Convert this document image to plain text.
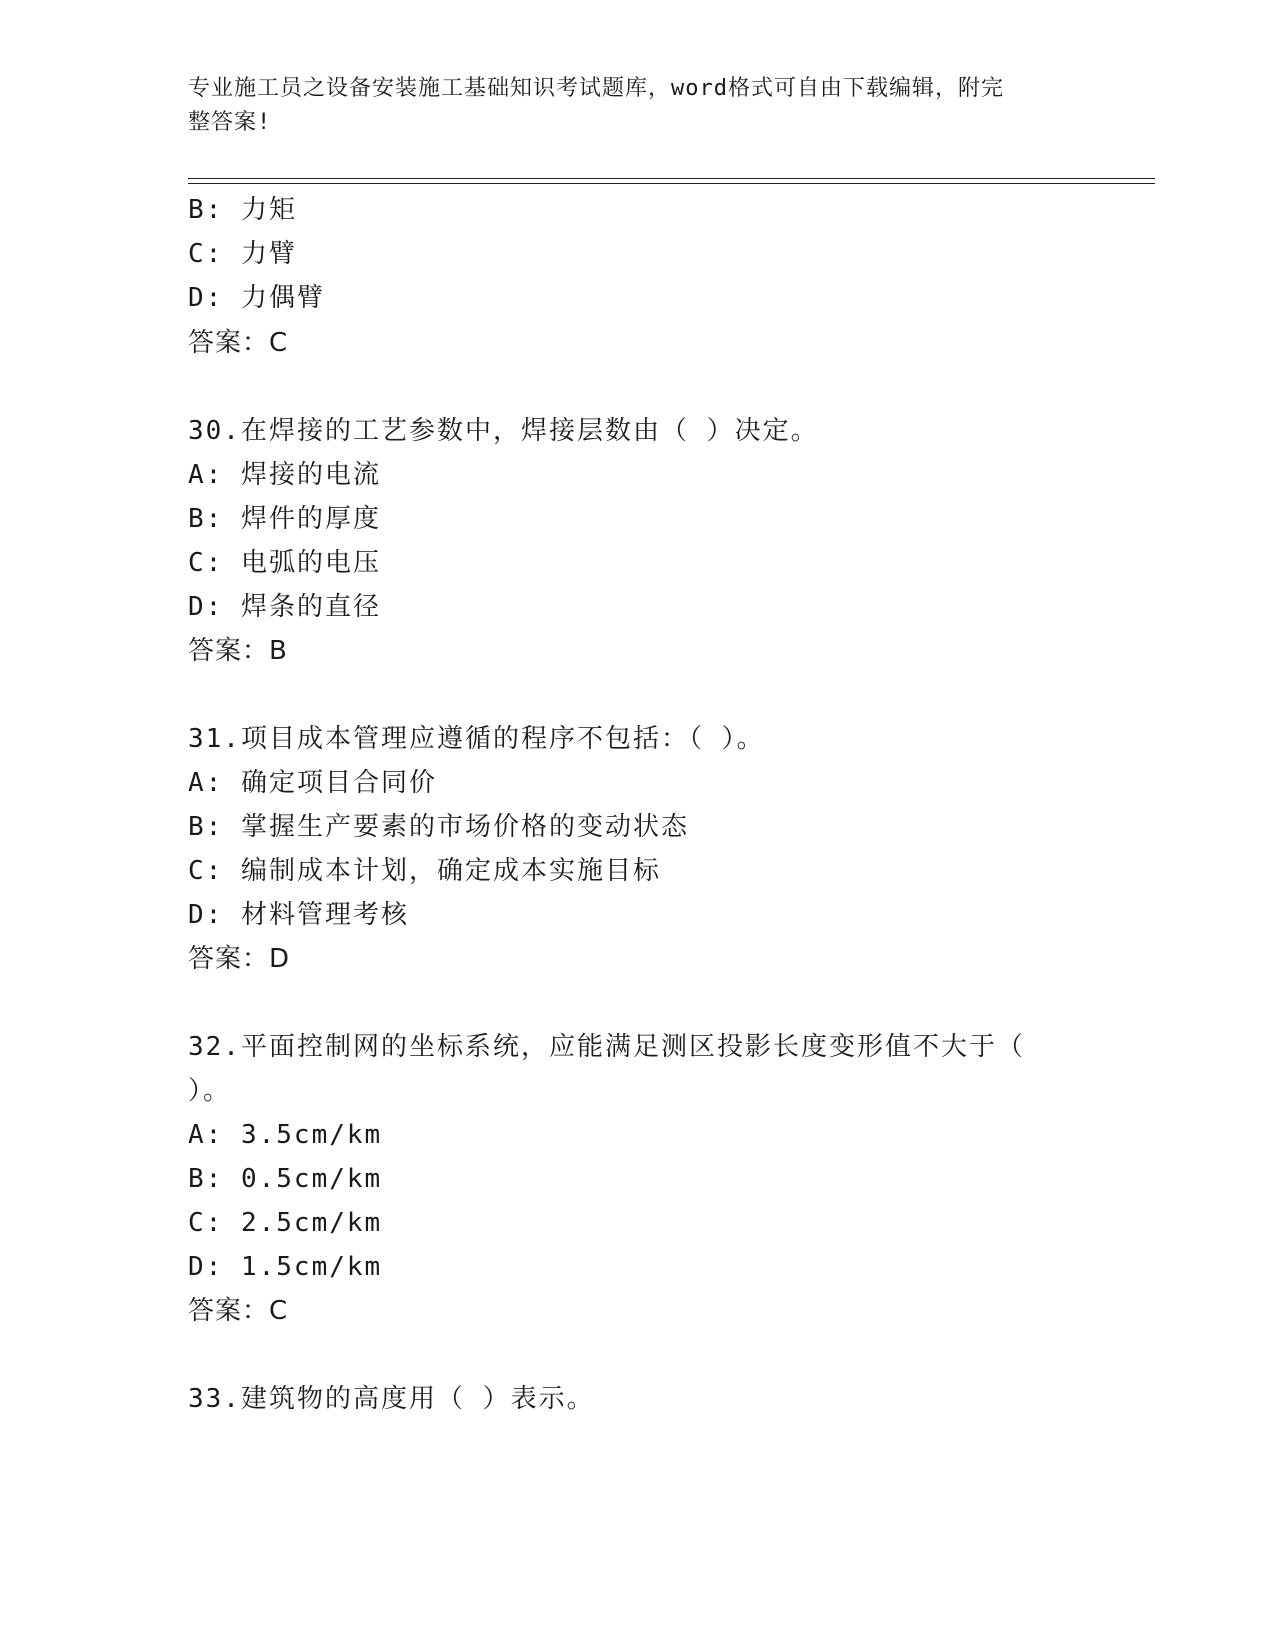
专业施工员之设备安装施工基础知识考试题库，word格式可自由下载编辑，附完
整答案!
B: 力矩
C: 力臂
D: 力偶臂
答案：C
30.在焊接的工艺参数中，焊接层数由（ ）决定。
A: 焊接的电流
B: 焊件的厚度
C: 电弧的电压
D: 焊条的直径
答案：B
31.项目成本管理应遵循的程序不包括：（ ）。
A: 确定项目合同价
B: 掌握生产要素的市场价格的变动状态
C: 编制成本计划，确定成本实施目标
D: 材料管理考核
答案：D
32.平面控制网的坐标系统，应能满足测区投影长度变形值不大于（
）。
A: 3.5cm/km
B: 0.5cm/km
C: 2.5cm/km
D: 1.5cm/km
答案：C
33.建筑物的高度用（ ）表示。
